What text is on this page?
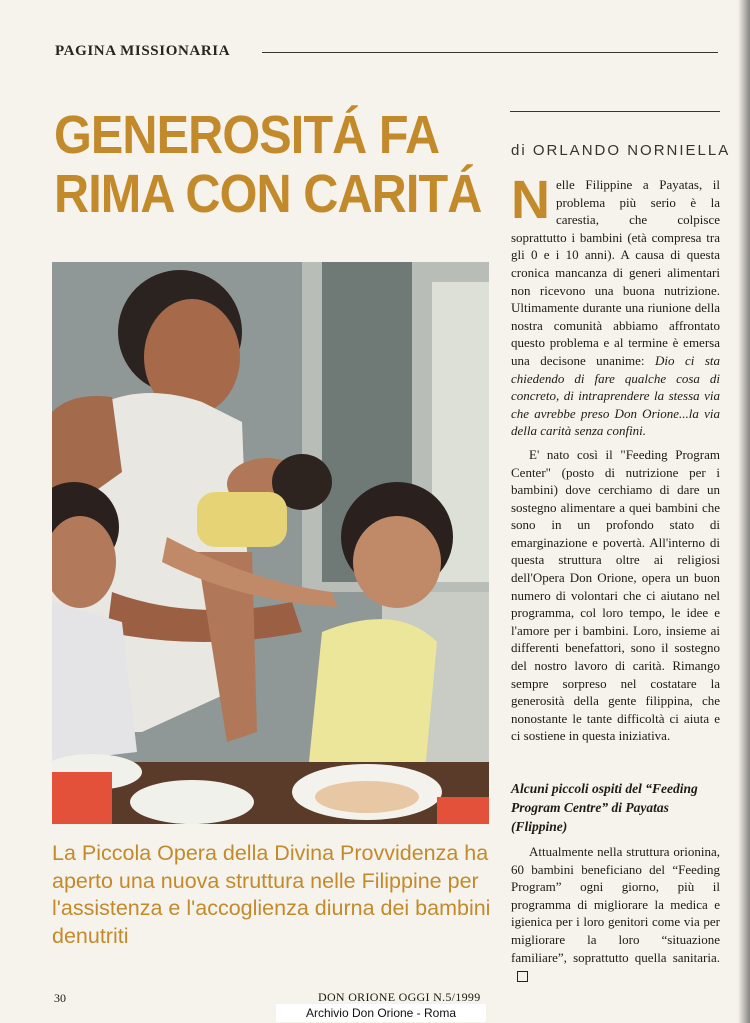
PAGINA MISSIONARIA
GENEROSITÁ FA
RIMA CON CARITÁ
di ORLANDO NORNIELLA

Nelle Filippine a Payatas, il problema più serio è la carestia, che colpisce soprattutto i bambini (età compresa tra gli 0 e i 10 anni). A causa di questa cronica mancanza di generi alimentari non ricevono una buona nutrizione. Ultimamente durante una riunione della nostra comunità abbiamo affrontato questo problema e al termine è emersa una decisone unanime: Dio ci sta chiedendo di fare qualche cosa di concreto, di intraprendere la stessa via che avrebbe preso Don Orione...la via della carità senza confini.

E' nato così il "Feeding Program Center" (posto di nutrizione per i bambini) dove cerchiamo di dare un sostegno alimentare a quei bambini che sono in un profondo stato di emarginazione e povertà. All'interno di questa struttura oltre ai religiosi dell'Opera Don Orione, opera un buon numero di volontari che ci aiutano nel programma, col loro tempo, le idee e l'amore per i bambini. Loro, insieme ai differenti benefattori, sono il sostegno del nostro lavoro di carità. Rimango sempre sorpreso nel costatare la generosità della gente filippina, che nonostante le tante difficoltà ci aiuta e ci sostiene in questa iniziativa.

Alcuni piccoli ospiti del “Feeding Program Centre” di Payatas (Flippine)
Attualmente nella struttura orionina, 60 bambini beneficiano del “Feeding Program” ogni giorno, più il programma di migliorare la medica e igienica per i loro genitori come via per migliorare la loro “situazione familiare”, soprattutto quella sanitaria.
La Piccola Opera della Divina Provvidenza ha aperto una nuova struttura nelle Filippine per l'assistenza e l'accoglienza diurna dei bambini denutriti
30	DON ORIONE OGGI N.5/1999
Archivio Don Orione - Roma
